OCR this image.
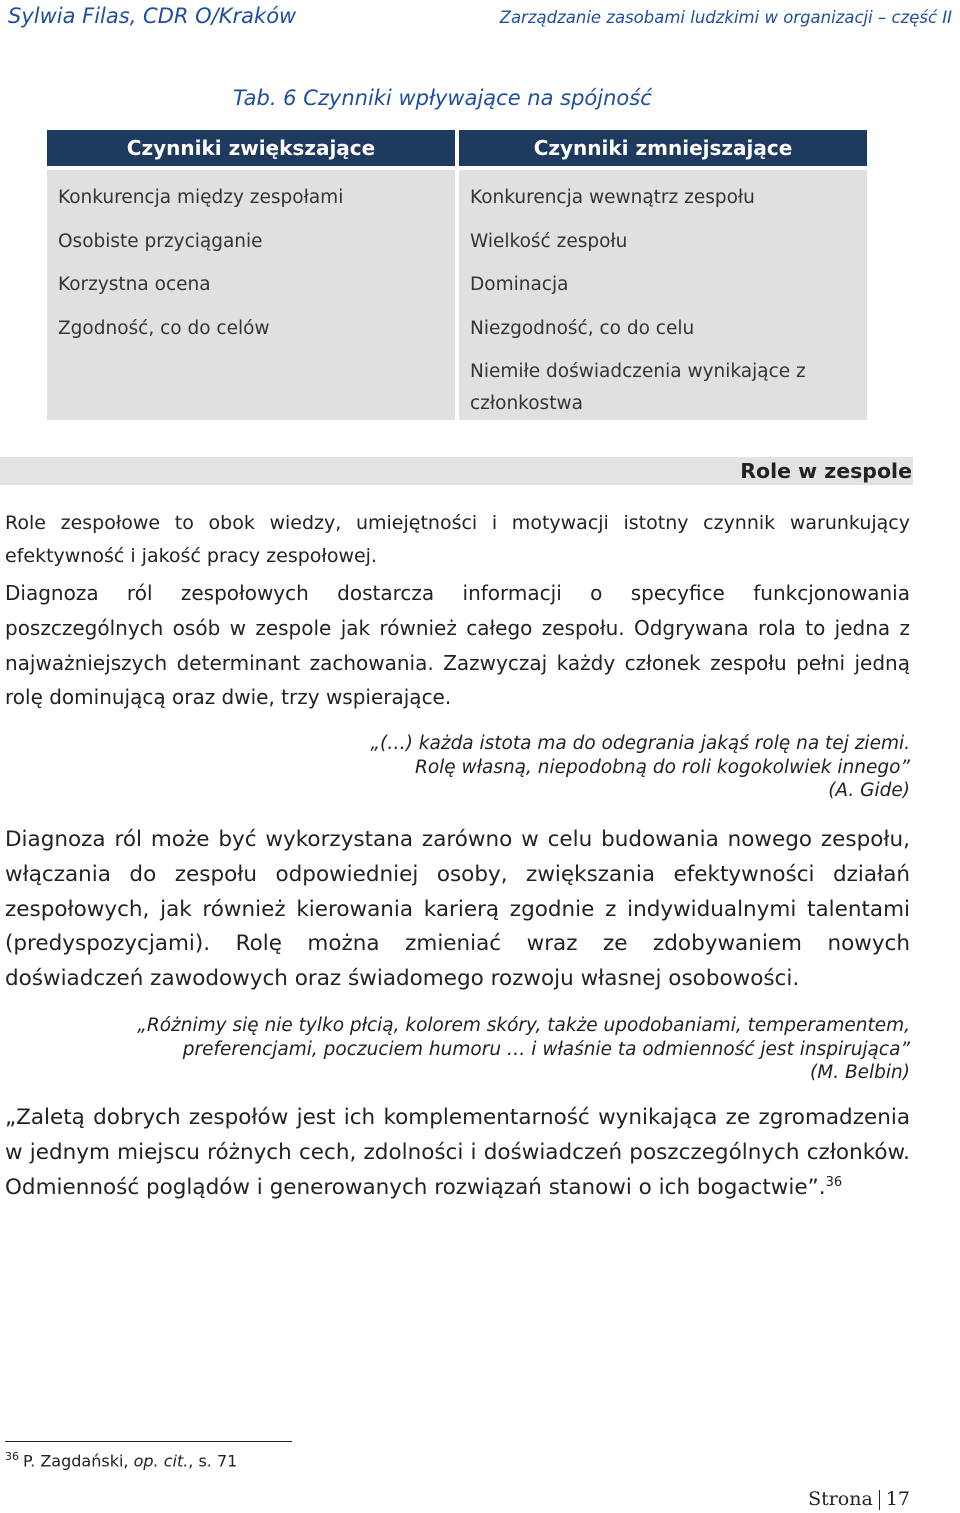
Sylwia Filas, CDR O/Kraków	Zarządzanie zasobami ludzkimi w organizacji – część II
Tab. 6 Czynniki wpływające na spójność
Czynniki zwiększające	Czynniki zmniejszające
Konkurencja między zespołami
Osobiste przyciąganie
Korzystna ocena
Zgodność, co do celów
Konkurencja wewnątrz zespołu
Wielkość zespołu
Dominacja
Niezgodność, co do celu
Niemiłe doświadczenia wynikające z członkostwa
Role w zespole
Role zespołowe to obok wiedzy, umiejętności i motywacji istotny czynnik warunkujący efektywność i jakość pracy zespołowej.
Diagnoza ról zespołowych dostarcza informacji o specyfice funkcjonowania poszczególnych osób w zespole jak również całego zespołu. Odgrywana rola to jedna z najważniejszych determinant zachowania. Zazwyczaj każdy członek zespołu pełni jedną rolę dominującą oraz dwie, trzy wspierające.
„(…) każda istota ma do odegrania jakąś rolę na tej ziemi.
Rolę własną, niepodobną do roli kogokolwiek innego”
(A. Gide)
Diagnoza ról może być wykorzystana zarówno w celu budowania nowego zespołu, włączania do zespołu odpowiedniej osoby, zwiększania efektywności działań zespołowych, jak również kierowania karierą zgodnie z indywidualnymi talentami (predyspozycjami). Rolę można zmieniać wraz ze zdobywaniem nowych doświadczeń zawodowych oraz świadomego rozwoju własnej osobowości.
„Różnimy się nie tylko płcią, kolorem skóry, także upodobaniami, temperamentem,
preferencjami, poczuciem humoru … i właśnie ta odmienność jest inspirująca”
(M. Belbin)
„Zaletą dobrych zespołów jest ich komplementarność wynikająca ze zgromadzenia w jednym miejscu różnych cech, zdolności i doświadczeń poszczególnych członków. Odmienność poglądów i generowanych rozwiązań stanowi o ich bogactwie”.$^{36}$
$^{36}$ P. Zagdański, op. cit., s. 71
Strona 17
